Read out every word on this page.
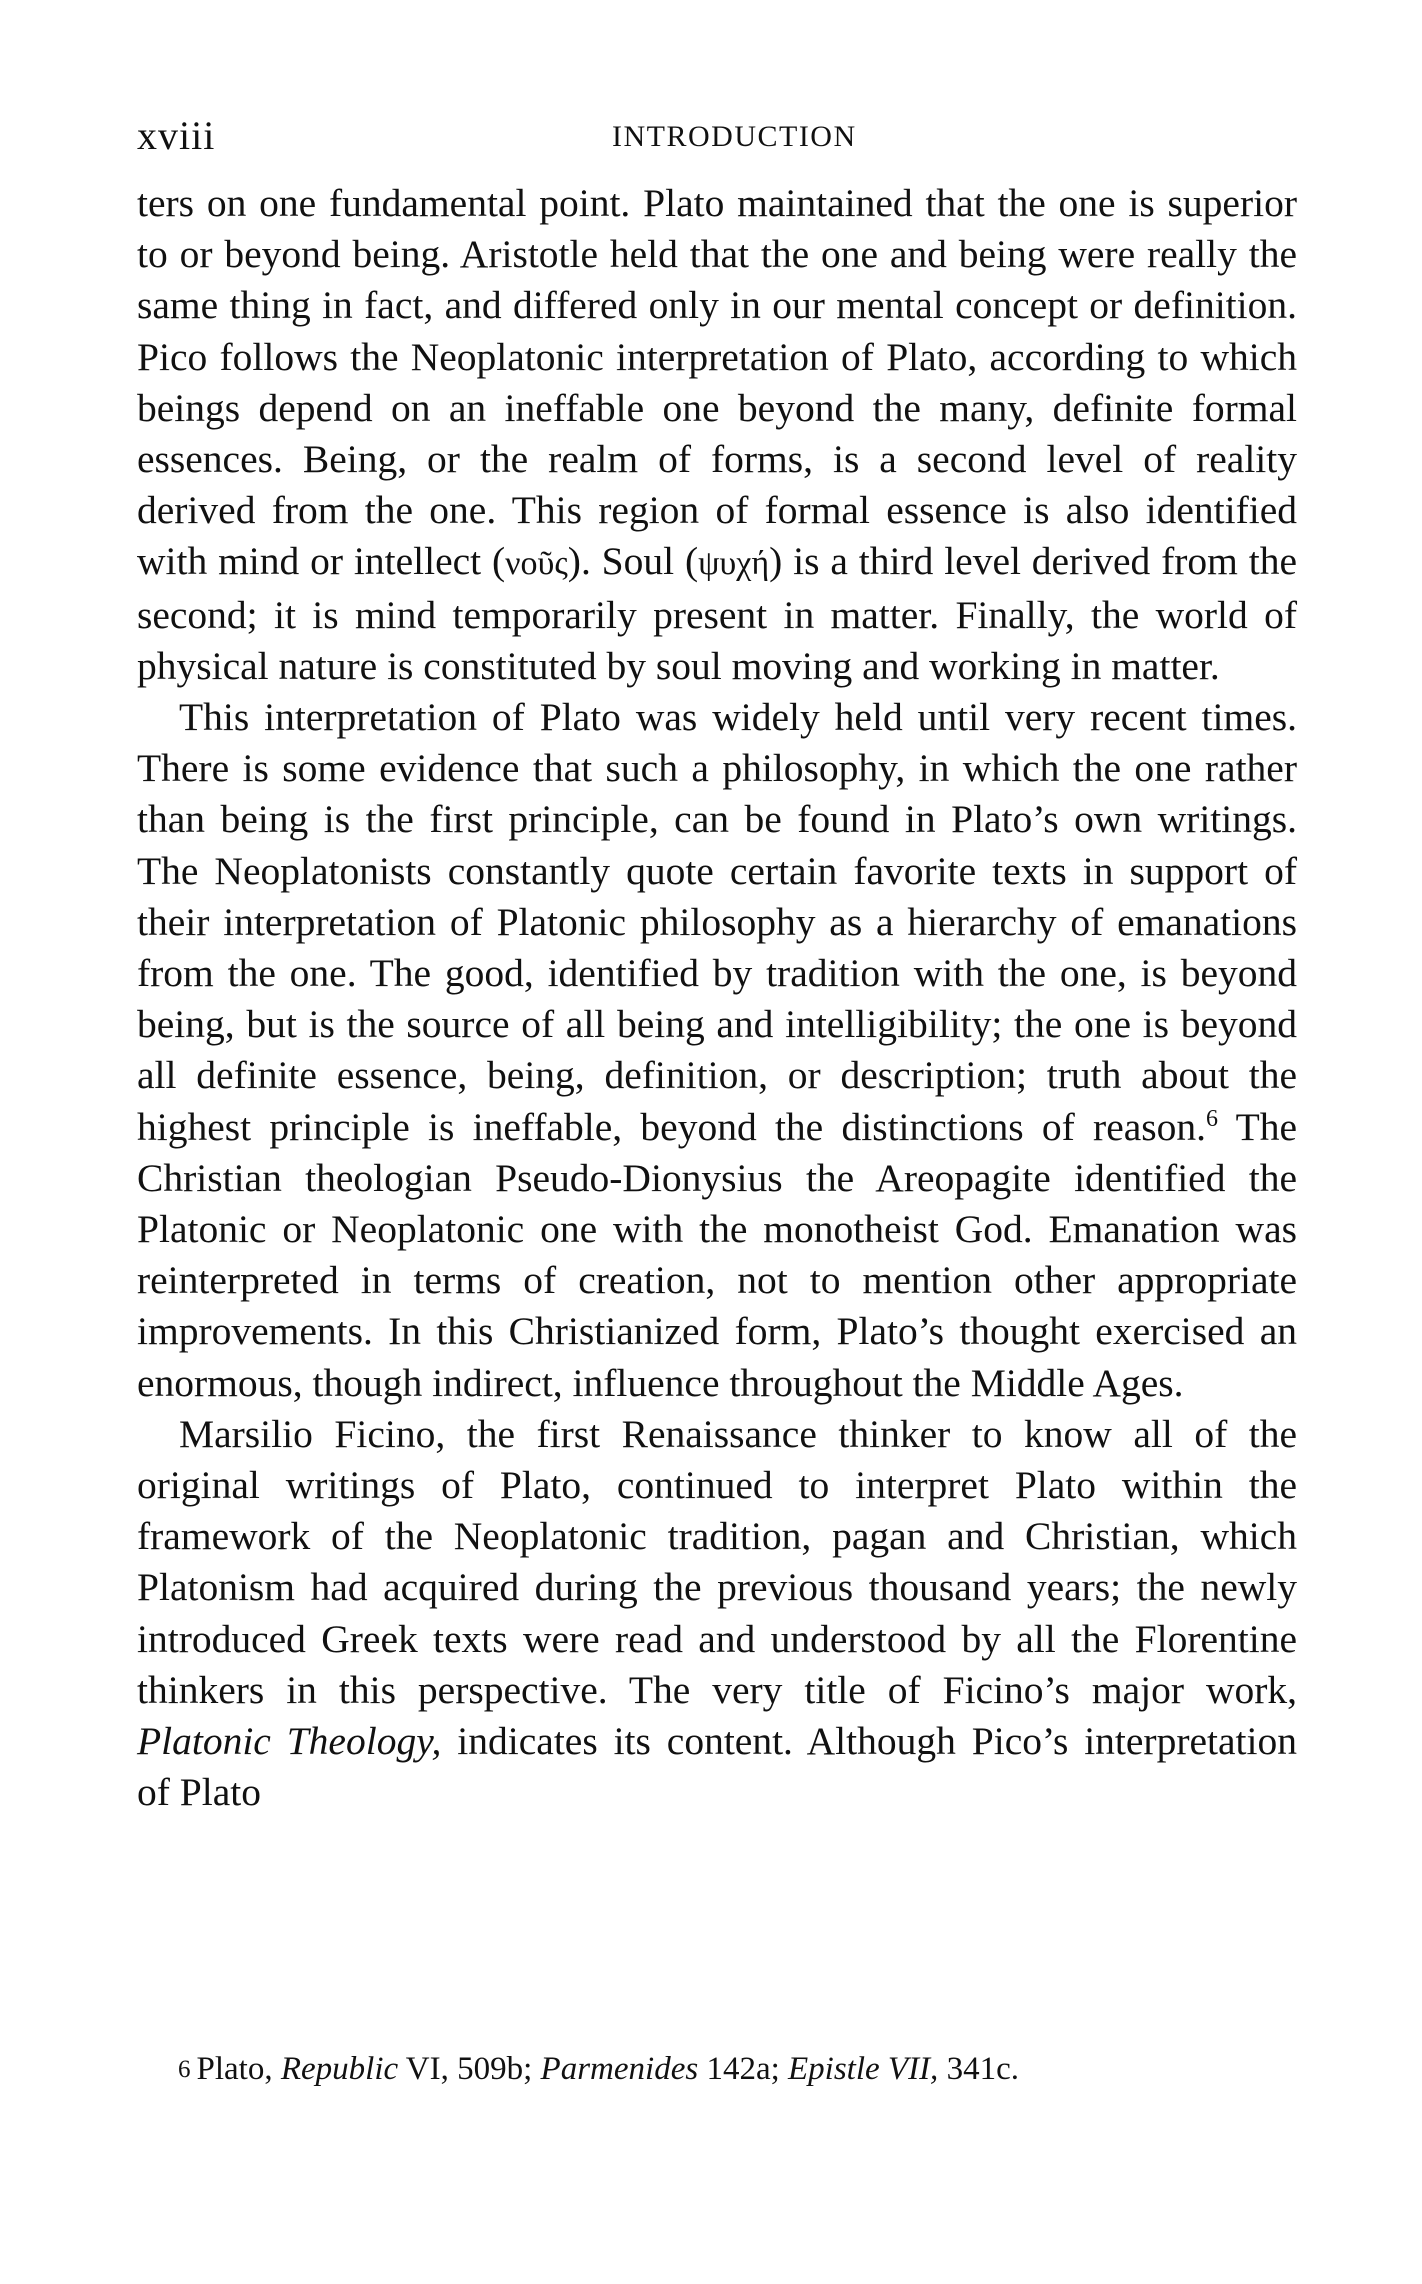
xviii	INTRODUCTION

ters on one fundamental point. Plato maintained that the one is superior to or beyond being. Aristotle held that the one and being were really the same thing in fact, and differed only in our mental concept or definition. Pico follows the Neoplatonic interpretation of Plato, according to which beings depend on an ineffable one beyond the many, definite formal essences. Being, or the realm of forms, is a second level of reality derived from the one. This region of formal essence is also identified with mind or intellect (νοῦς). Soul (ψυχή) is a third level derived from the second; it is mind temporarily present in matter. Finally, the world of physical nature is constituted by soul moving and working in matter.

This interpretation of Plato was widely held until very recent times. There is some evidence that such a philosophy, in which the one rather than being is the first principle, can be found in Plato’s own writings. The Neoplatonists constantly quote certain favorite texts in support of their interpretation of Platonic philosophy as a hierarchy of emanations from the one. The good, identified by tradition with the one, is beyond being, but is the source of all being and intelligibility; the one is beyond all definite essence, being, definition, or description; truth about the highest principle is ineffable, beyond the distinctions of reason.$^6$ The Christian theologian Pseudo-Dionysius the Areopagite identified the Platonic or Neoplatonic one with the monotheist God. Emanation was reinterpreted in terms of creation, not to mention other appropriate improvements. In this Christianized form, Plato’s thought exercised an enormous, though indirect, influence throughout the Middle Ages.

Marsilio Ficino, the first Renaissance thinker to know all of the original writings of Plato, continued to interpret Plato within the framework of the Neoplatonic tradition, pagan and Christian, which Platonism had acquired during the previous thousand years; the newly introduced Greek texts were read and understood by all the Florentine thinkers in this perspective. The very title of Ficino’s major work, Platonic Theology, indicates its content. Although Pico’s interpretation of Plato

6 Plato, Republic VI, 509b; Parmenides 142a; Epistle VII, 341c.
